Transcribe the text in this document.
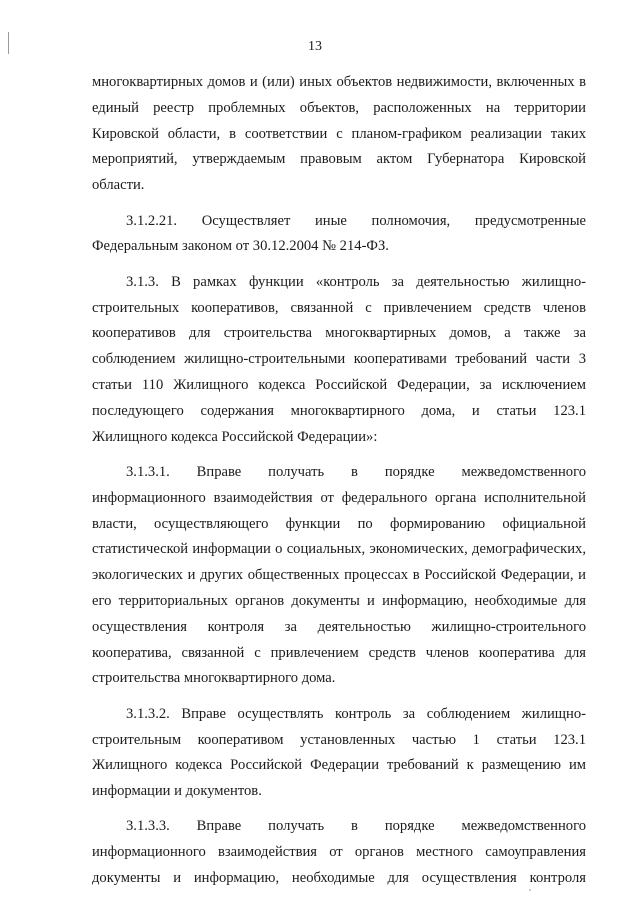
13

многоквартирных домов и (или) иных объектов недвижимости, включенных в единый реестр проблемных объектов, расположенных на территории Кировской области, в соответствии с планом-графиком реализации таких мероприятий, утверждаемым правовым актом Губернатора Кировской области.

3.1.2.21. Осуществляет иные полномочия, предусмотренные Федеральным законом от 30.12.2004 № 214-ФЗ.

3.1.3. В рамках функции «контроль за деятельностью жилищно-строительных кооперативов, связанной с привлечением средств членов кооперативов для строительства многоквартирных домов, а также за соблюдением жилищно-строительными кооперативами требований части 3 статьи 110 Жилищного кодекса Российской Федерации, за исключением последующего содержания многоквартирного дома, и статьи 123.1 Жилищного кодекса Российской Федерации»:

3.1.3.1. Вправе получать в порядке межведомственного информационного взаимодействия от федерального органа исполнительной власти, осуществляющего функции по формированию официальной статистической информации о социальных, экономических, демографических, экологических и других общественных процессах в Российской Федерации, и его территориальных органов документы и информацию, необходимые для осуществления контроля за деятельностью жилищно-строительного кооператива, связанной с привлечением средств членов кооператива для строительства многоквартирного дома.

3.1.3.2. Вправе осуществлять контроль за соблюдением жилищно-строительным кооперативом установленных частью 1 статьи 123.1 Жилищного кодекса Российской Федерации требований к размещению им информации и документов.

3.1.3.3. Вправе получать в порядке межведомственного информационного взаимодействия от органов местного самоуправления документы и информацию, необходимые для осуществления контроля
